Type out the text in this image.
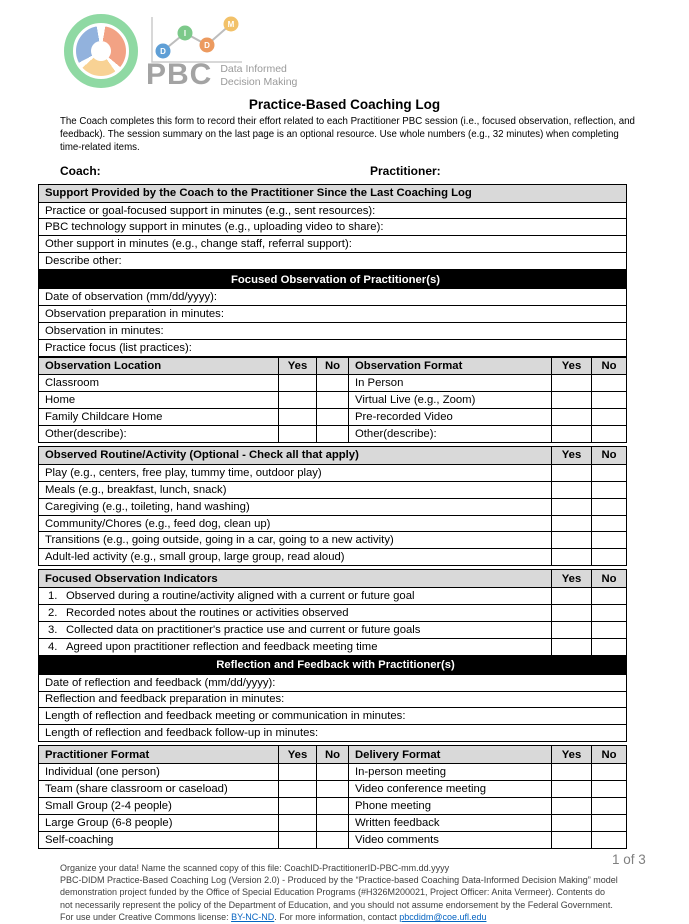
D
I
D
M
PBC Data Informed
Decision Making
Practice-Based Coaching Log
The Coach completes this form to record their effort related to each Practitioner PBC session (i.e., focused observation, reflection, and feedback). The session summary on the last page is an optional resource. Use whole numbers (e.g., 32 minutes) when completing time-related items.
Coach:	Practitioner:
Support Provided by the Coach to the Practitioner Since the Last Coaching Log
Practice or goal-focused support in minutes (e.g., sent resources):
PBC technology support in minutes (e.g., uploading video to share):
Other support in minutes (e.g., change staff, referral support):
Describe other:
Focused Observation of Practitioner(s)
Date of observation (mm/dd/yyyy):
Observation preparation in minutes:
Observation in minutes:
Practice focus (list practices):
Observation Location	Yes	No	Observation Format	Yes	No
Classroom	In Person
Home	Virtual Live (e.g., Zoom)
Family Childcare Home	Pre-recorded Video
Other(describe):	Other(describe):
Observed Routine/Activity (Optional - Check all that apply)	Yes	No
Play (e.g., centers, free play, tummy time, outdoor play)
Meals (e.g., breakfast, lunch, snack)
Caregiving (e.g., toileting, hand washing)
Community/Chores (e.g., feed dog, clean up)
Transitions (e.g., going outside, going in a car, going to a new activity)
Adult-led activity (e.g., small group, large group, read aloud)
Focused Observation Indicators	Yes	No
1. Observed during a routine/activity aligned with a current or future goal
2. Recorded notes about the routines or activities observed
3. Collected data on practitioner's practice use and current or future goals
4. Agreed upon practitioner reflection and feedback meeting time
Reflection and Feedback with Practitioner(s)
Date of reflection and feedback (mm/dd/yyyy):
Reflection and feedback preparation in minutes:
Length of reflection and feedback meeting or communication in minutes:
Length of reflection and feedback follow-up in minutes:
Practitioner Format	Yes	No	Delivery Format	Yes	No
Individual (one person)	In-person meeting
Team (share classroom or caseload)	Video conference meeting
Small Group (2-4 people)	Phone meeting
Large Group (6-8 people)	Written feedback
Self-coaching	Video comments

Organize your data! Name the scanned copy of this file: CoachID-PractitionerID-PBC-mm.dd.yyyy

PBC-DIDM Practice-Based Coaching Log (Version 2.0) - Produced by the “Practice-based Coaching Data-Informed Decision Making” model demonstration project funded by the Office of Special Education Programs (#H326M200021, Project Officer: Anita Vermeer). Contents do not necessarily represent the policy of the Department of Education, and you should not assume endorsement by the Federal Government. For use under Creative Commons license: BY-NC-ND. For more information, contact pbcdidm@coe.ufl.edu

1 of 3
